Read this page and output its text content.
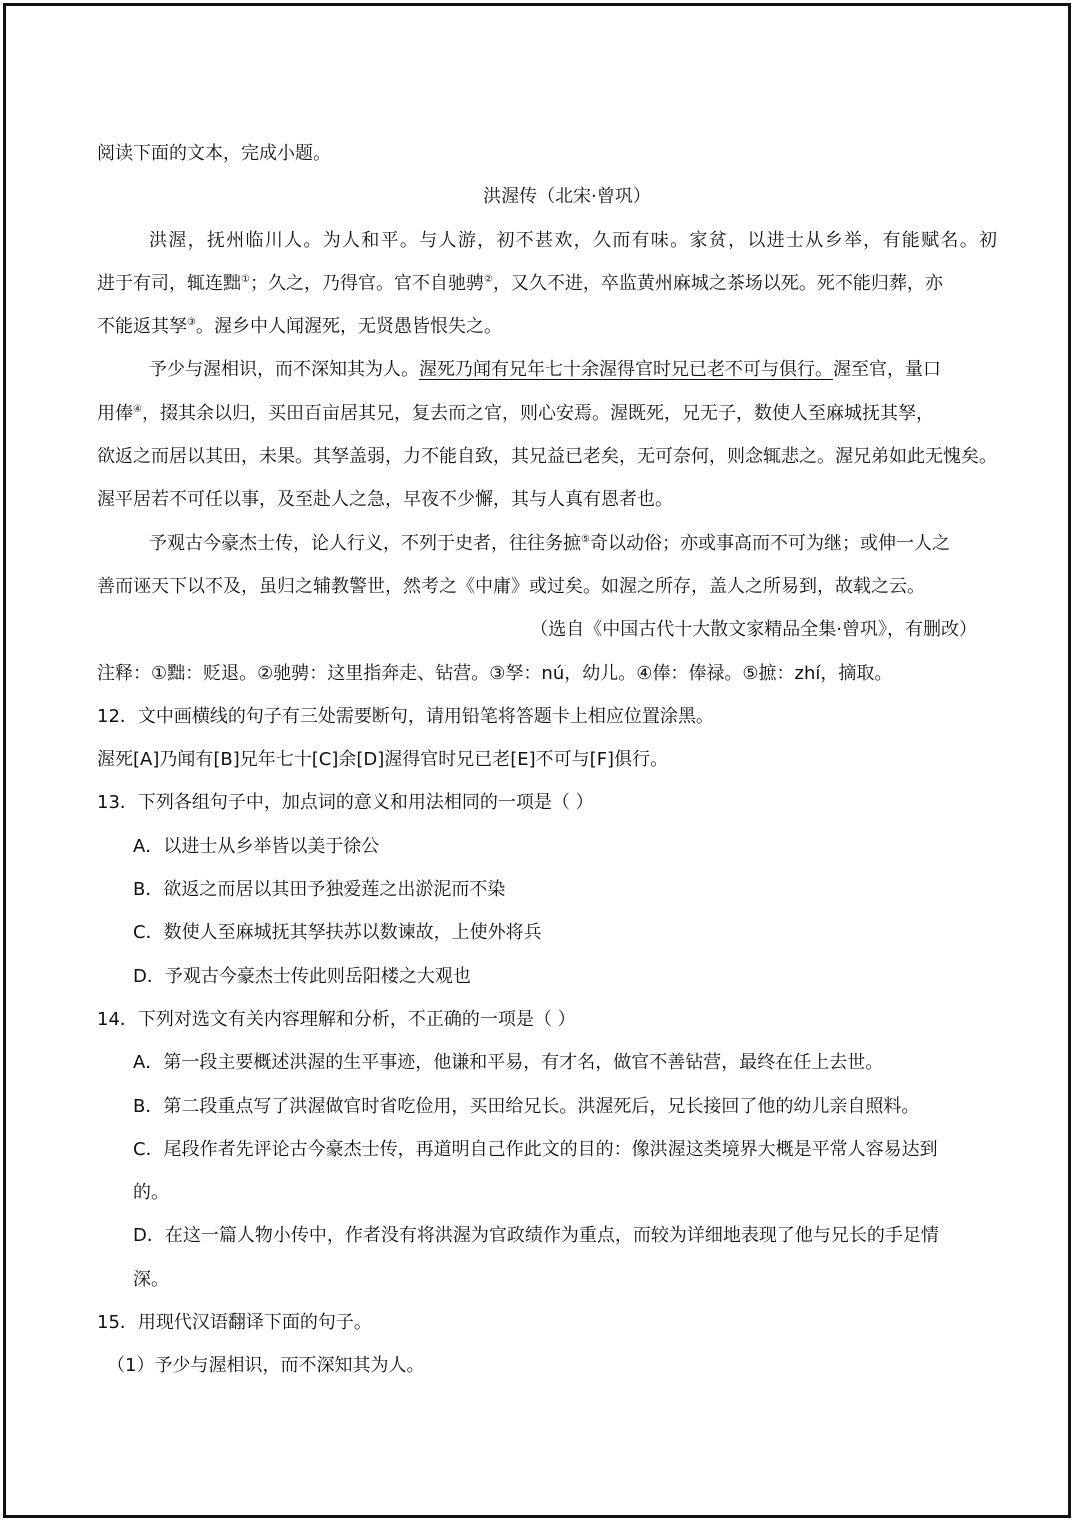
阅读下面的文本，完成小题。
洪渥传（北宋·曾巩）
洪渥，抚州临川人。为人和平。与人游，初不甚欢，久而有味。家贫，以进士从乡举，有能赋名。初
进于有司，辄连黜①；久之，乃得官。官不自驰骋②，又久不进，卒监黄州麻城之茶场以死。死不能归葬，亦
不能返其孥③。渥乡中人闻渥死，无贤愚皆恨失之。
予少与渥相识，而不深知其为人。渥死乃闻有兄年七十余渥得官时兄已老不可与俱行。渥至官，量口
用俸④，掇其余以归，买田百亩居其兄，复去而之官，则心安焉。渥既死，兄无子，数使人至麻城抚其孥，
欲返之而居以其田，未果。其孥盖弱，力不能自致，其兄益已老矣，无可奈何，则念辄悲之。渥兄弟如此无愧矣。
渥平居若不可任以事，及至赴人之急，早夜不少懈，其与人真有恩者也。
予观古今豪杰士传，论人行义，不列于史者，往往务摭⑤奇以动俗；亦或事高而不可为继；或伸一人之
善而诬天下以不及，虽归之辅教警世，然考之《中庸》或过矣。如渥之所存，盖人之所易到，故载之云。
（选自《中国古代十大散文家精品全集·曾巩》，有删改）
注释：①黜：贬退。②驰骋：这里指奔走、钻营。③孥：nú，幼儿。④俸：俸禄。⑤摭：zhí，摘取。
12．文中画横线的句子有三处需要断句，请用铅笔将答题卡上相应位置涂黑。
渥死[A]乃闻有[B]兄年七十[C]余[D]渥得官时兄已老[E]不可与[F]俱行。
13．下列各组句子中，加点词的意义和用法相同的一项是（ ）
A．以进士从乡举皆以美于徐公
B．欲返之而居以其田予独爱莲之出淤泥而不染
C．数使人至麻城抚其孥扶苏以数谏故，上使外将兵
D．予观古今豪杰士传此则岳阳楼之大观也
14．下列对选文有关内容理解和分析，不正确的一项是（ ）
A．第一段主要概述洪渥的生平事迹，他谦和平易，有才名，做官不善钻营，最终在任上去世。
B．第二段重点写了洪渥做官时省吃俭用，买田给兄长。洪渥死后，兄长接回了他的幼儿亲自照料。
C．尾段作者先评论古今豪杰士传，再道明自己作此文的目的：像洪渥这类境界大概是平常人容易达到
的。
D．在这一篇人物小传中，作者没有将洪渥为官政绩作为重点，而较为详细地表现了他与兄长的手足情
深。
15．用现代汉语翻译下面的句子。
（1）予少与渥相识，而不深知其为人。
